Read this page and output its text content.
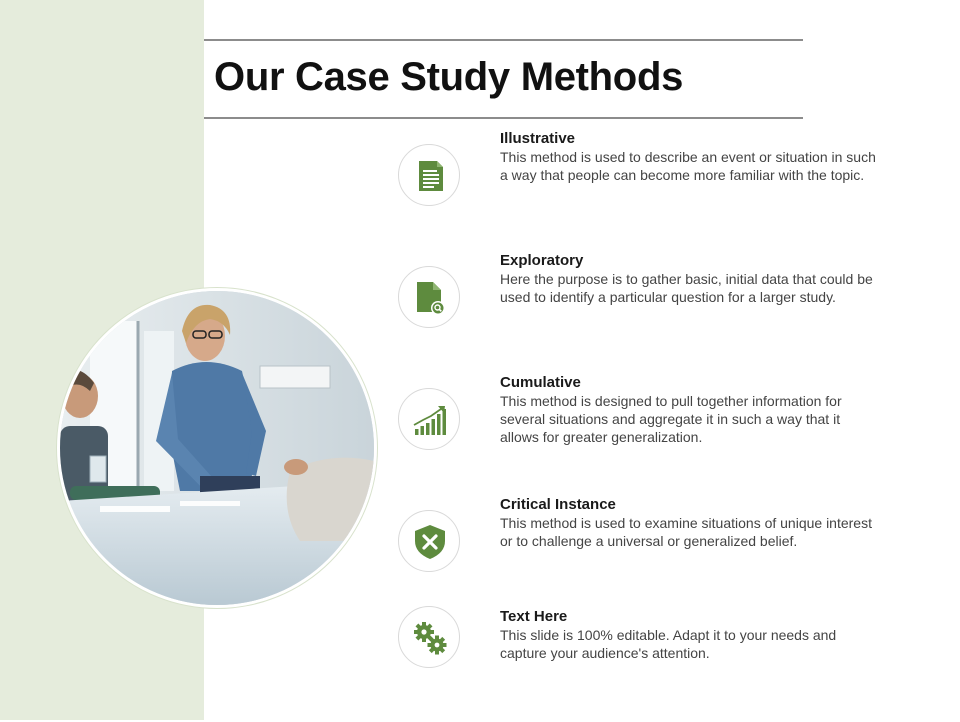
Our Case Study Methods
Illustrative
This method is used to describe an event or situation in such a way that people can become more familiar with the topic.
Exploratory
Here the purpose is to gather basic, initial data that could be used to identify a particular question for a larger study.
Cumulative
This method is designed to pull together information for several situations and aggregate it in such a way that it allows for greater generalization.
Critical Instance
This method is used to examine situations of unique interest or to challenge a universal or generalized belief.
Text Here
This slide is 100% editable. Adapt it to your needs and capture your audience's attention.
